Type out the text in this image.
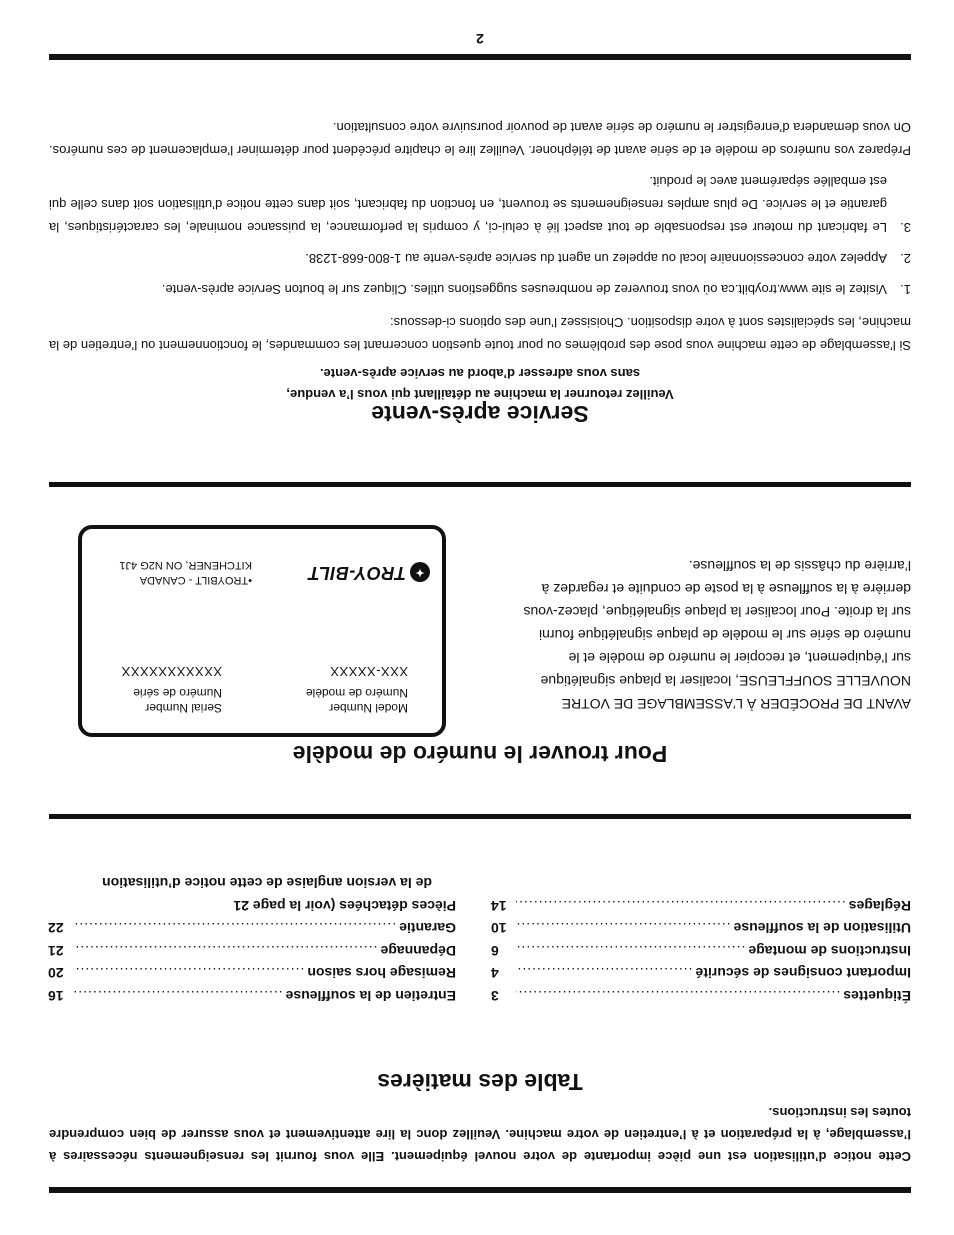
Cette notice d’utilisation est une pièce importante de votre nouvel équipement. Elle vous fournit les renseignements nécessaires à l’assemblage, à la préparation et à l’entretien de votre machine. Veuillez donc la lire attentivement et vous assurer de bien comprendre toutes les instructions.
Table des matières
Étiquettes
.....
3
Important consignes de sécurité
.....
4
Instructions de montage
.....
6
Utilisation de la souffleuse
.....
10
Réglages
.....
14
Entretien de la souffleuse
.....
16
Remisage hors saison
.....
20
Dépannage
.....
21
Garantie
.....
22
Pièces détachées (voir la page 21
de la version anglaise de cette notice d’utilisation
Pour trouver le numéro de modèle
AVANT DE PROCÉDER À L’ASSEMBLAGE DE VOTRE NOUVELLE SOUFFLEUSE, localiser la plaque signalétique sur l’équipement, et recopier le numéro de modèle et le numéro de série sur le modèle de plaque signalétique fourni sur la droite. Pour localiser la plaque signalétique, placez-vous derrière à la souffleuse à la poste de conduite et regardez à l’arrière du châssis de la souffleuse.
Model Number
Numéro de modèle
XXX-XXXXX
Serial Number
Numéro de série
XXXXXXXXXXX
✦
TROY-BILT
•TROYBILT - CANADA
KITCHENER, ON N2G 4J1
Service après-vente
Veuillez retourner la machine au détaillant qui vous l’a vendue,
sans vous adresser d’abord au service après-vente.

Si l’assemblage de cette machine vous pose des problèmes ou pour toute question concernant les commandes, le fonctionnement ou l’entretien de la machine, les spécialistes sont à votre disposition. Choisissez l’une des options ci-dessous:

1.
Visitez le site www.troybilt.ca où vous trouverez de nombreuses suggestions utiles. Cliquez sur le bouton Service après-vente.
2.
Appelez votre concessionnaire local ou appelez un agent du service après-vente au 1-800-668-1238.
3.
Le fabricant du moteur est responsable de tout aspect lié à celui-ci, y compris la performance, la puissance nominale, les caractéristiques, la garantie et le service. De plus amples renseignements se trouvent, en fonction du fabricant, soit dans cette notice d’utilisation soit dans celle qui est emballée séparément avec le produit.

Préparez vos numéros de modèle et de série avant de téléphoner. Veuillez lire le chapitre précédent pour déterminer l’emplacement de ces numéros. On vous demandera d’enregistrer le numéro de série avant de pouvoir poursuivre votre consultation.

2
